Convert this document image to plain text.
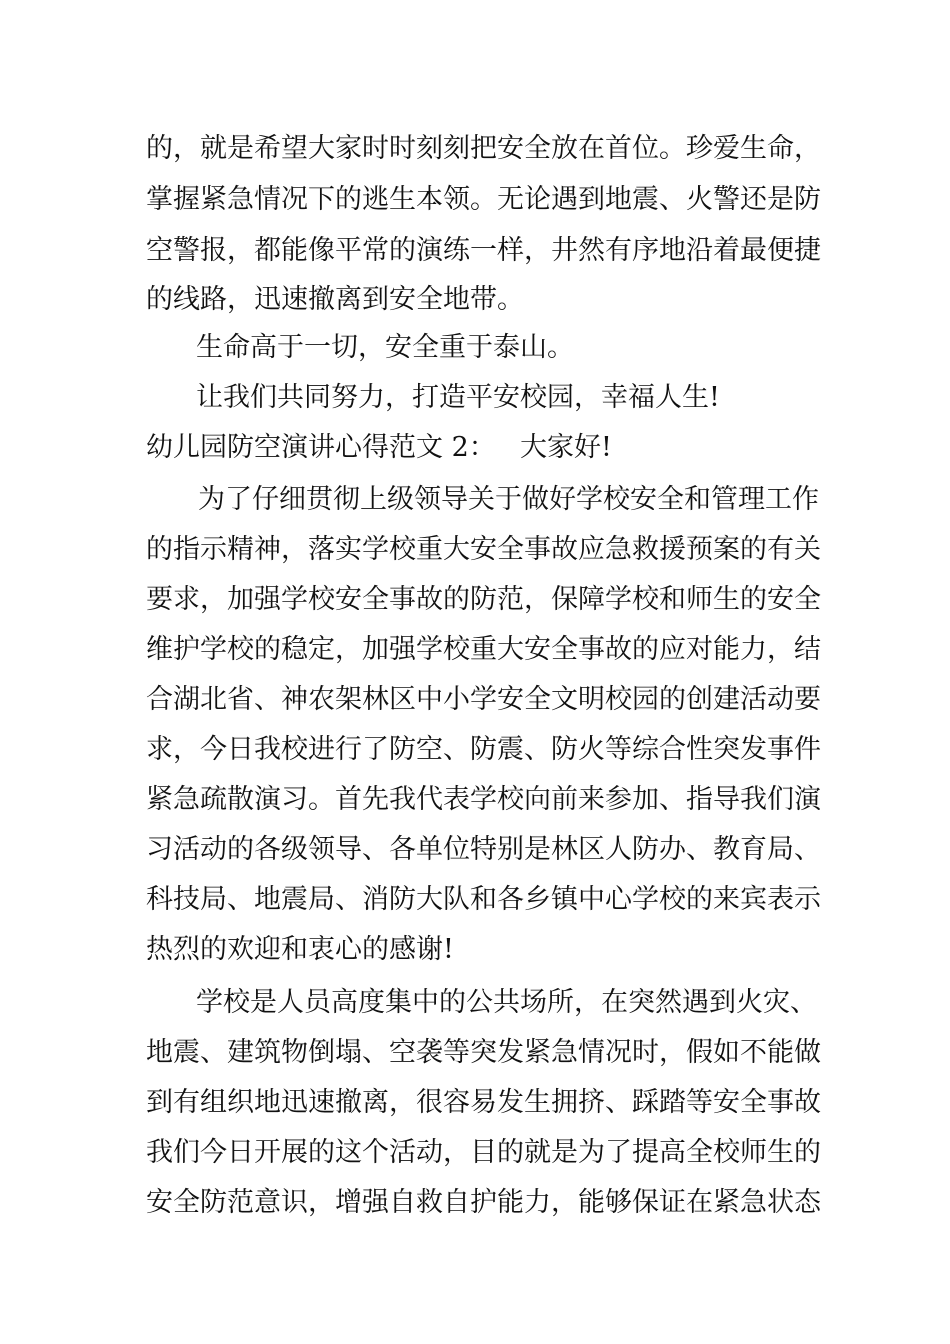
的，就是希望大家时时刻刻把安全放在首位。珍爱生命，
掌握紧急情况下的逃生本领。无论遇到地震、火警还是防
空警报，都能像平常的演练一样，井然有序地沿着最便捷
的线路，迅速撤离到安全地带。
生命高于一切，安全重于泰山。
让我们共同努力，打造平安校园，幸福人生!
幼儿园防空演讲心得范文 2： 大家好!
为了仔细贯彻上级领导关于做好学校安全和管理工作
的指示精神，落实学校重大安全事故应急救援预案的有关
要求，加强学校安全事故的防范，保障学校和师生的安全
维护学校的稳定，加强学校重大安全事故的应对能力，结
合湖北省、神农架林区中小学安全文明校园的创建活动要
求，今日我校进行了防空、防震、防火等综合性突发事件
紧急疏散演习。首先我代表学校向前来参加、指导我们演
习活动的各级领导、各单位特别是林区人防办、教育局、
科技局、地震局、消防大队和各乡镇中心学校的来宾表示
热烈的欢迎和衷心的感谢!
学校是人员高度集中的公共场所，在突然遇到火灾、
地震、建筑物倒塌、空袭等突发紧急情况时，假如不能做
到有组织地迅速撤离，很容易发生拥挤、踩踏等安全事故
我们今日开展的这个活动，目的就是为了提高全校师生的
安全防范意识，增强自救自护能力，能够保证在紧急状态
